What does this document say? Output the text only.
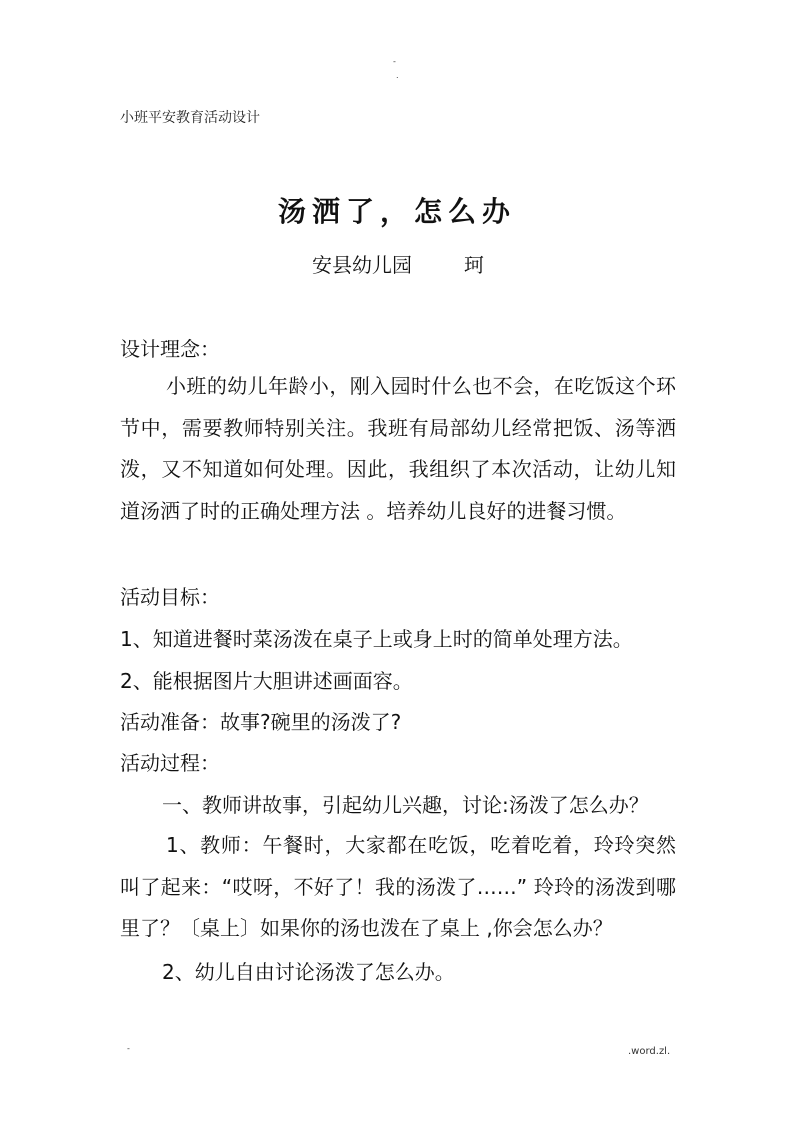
-
.
小班平安教育活动设计
汤洒了，怎么办
安县幼儿园	珂
设计理念：
小班的幼儿年龄小，刚入园时什么也不会，在吃饭这个环节中，需要教师特别关注。我班有局部幼儿经常把饭、汤等洒泼，又不知道如何处理。因此，我组织了本次活动，让幼儿知道汤洒了时的正确处理方法 。培养幼儿良好的进餐习惯。
活动目标：
1、知道进餐时菜汤泼在桌子上或身上时的简单处理方法。
2、能根据图片大胆讲述画面容。
活动准备：故事?碗里的汤泼了?
活动过程：
一、教师讲故事，引起幼儿兴趣，讨论:汤泼了怎么办？
1、教师：午餐时，大家都在吃饭，吃着吃着，玲玲突然叫了起来：“哎呀，不好了！我的汤泼了……” 玲玲的汤泼到哪里了？〔桌上〕如果你的汤也泼在了桌上 ,你会怎么办？
2、幼儿自由讨论汤泼了怎么办。
-	.word.zl.
